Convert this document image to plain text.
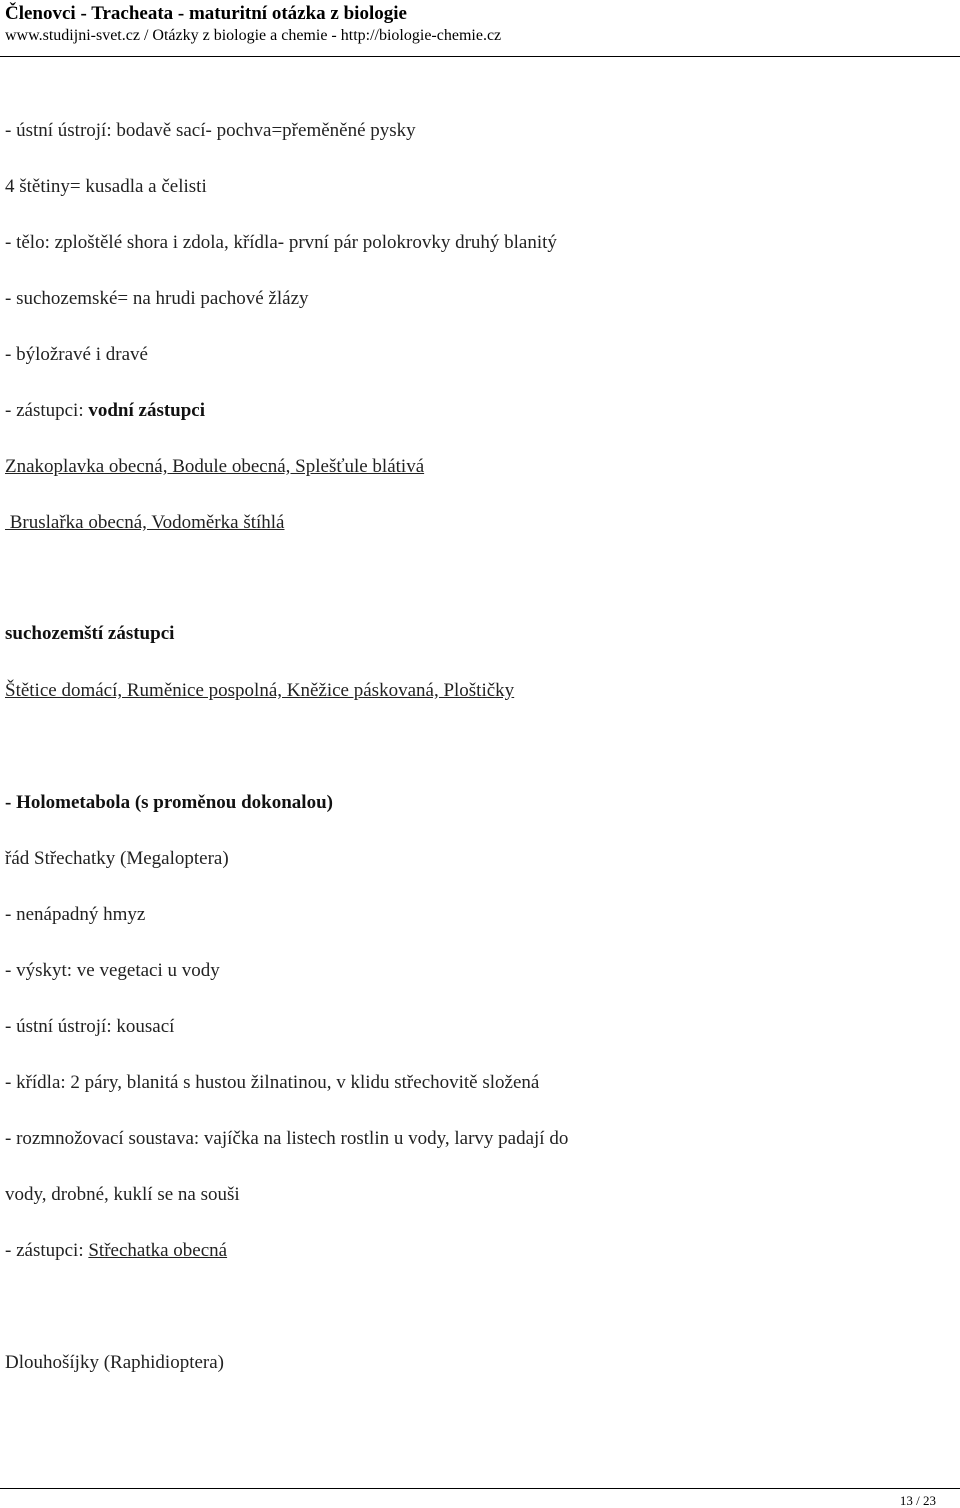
Členovci - Tracheata - maturitní otázka z biologie
www.studijni-svet.cz / Otázky z biologie a chemie - http://biologie-chemie.cz
- ústní ústrojí: bodavě sací- pochva=přeměněné pysky
4 štětiny= kusadla a čelisti
- tělo: zploštělé shora i zdola, křídla- první pár polokrovky druhý blanitý
- suchozemské= na hrudi pachové žlázy
- býložravé i dravé
- zástupci: vodní zástupci
Znakoplavka obecná, Bodule obecná, Splešťule blátivá
Bruslařka obecná, Vodoměrka štíhlá
suchozemští zástupci
Štětice domácí, Ruměnice pospolná, Kněžice páskovaná, Ploštičky
- Holometabola (s proměnou dokonalou)
řád Střechatky (Megaloptera)
- nenápadný hmyz
- výskyt: ve vegetaci u vody
- ústní ústrojí: kousací
- křídla: 2 páry, blanitá s hustou žilnatinou, v klidu střechovitě složená
- rozmnožovací soustava: vajíčka na listech rostlin u vody, larvy padají do
vody, drobné, kuklí se na souši
- zástupci: Střechatka obecná
Dlouhošíjky (Raphidioptera)
13 / 23
